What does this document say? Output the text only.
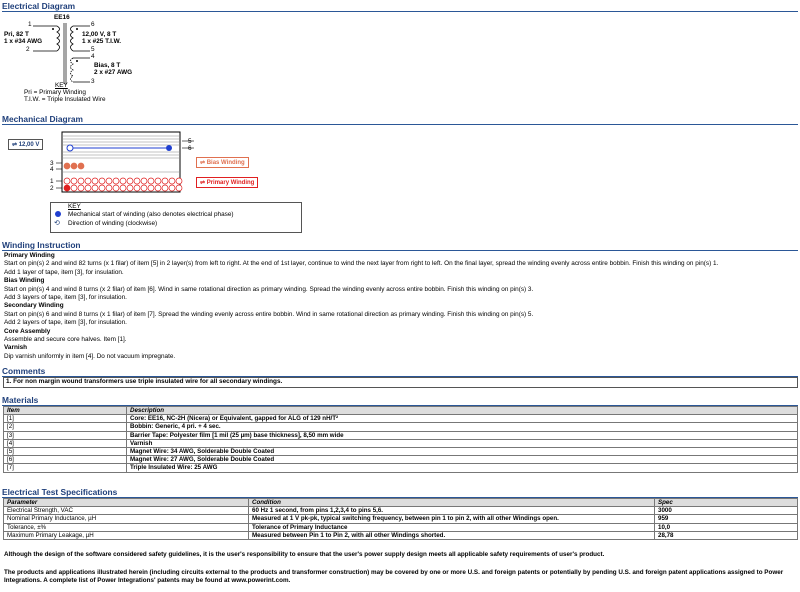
Electrical Diagram
EE16
1
2
6
5
4
3
Pri, 82 T
1 x #34 AWG
12,00 V, 8 T
1 x #25 T.I.W.
Bias, 8 T
2 x #27 AWG
KEY
Pri = Primary Winding
T.I.W. = Triple Insulated Wire
Mechanical Diagram
⇌ 12,00 V	5
6
3
4
1
2
⇌ Bias Winding
⇌ Primary Winding
KEY
Mechanical start of winding (also denotes electrical phase)
⟲ Direction of winding (clockwise)
Winding Instruction
Primary Winding
Start on pin(s) 2 and wind 82 turns (x 1 filar) of item [5] in 2 layer(s) from left to right. At the end of 1st layer, continue to wind the next layer from right to left. On the final layer, spread the winding evenly across entire bobbin. Finish this winding on pin(s) 1.
Add 1 layer of tape, item [3], for insulation.
Bias Winding
Start on pin(s) 4 and wind 8 turns (x 2 filar) of item [6]. Wind in same rotational direction as primary winding. Spread the winding evenly across entire bobbin. Finish this winding on pin(s) 3.
Add 3 layers of tape, item [3], for insulation.
Secondary Winding
Start on pin(s) 6 and wind 8 turns (x 1 filar) of item [7]. Spread the winding evenly across entire bobbin. Wind in same rotational direction as primary winding. Finish this winding on pin(s) 5.
Add 2 layers of tape, item [3], for insulation.
Core Assembly
Assemble and secure core halves. Item [1].
Varnish
Dip varnish uniformly in item [4]. Do not vacuum impregnate.
Comments
1. For non margin wound transformers use triple insulated wire for all secondary windings.
Materials
Item	Description
[1]	Core: EE16, NC-2H (Nicera) or Equivalent, gapped for ALG of 129 nH/T²
[2]	Bobbin: Generic, 4 pri. + 4 sec.
[3]	Barrier Tape: Polyester film [1 mil (25 µm) base thickness], 8,50 mm wide
[4]	Varnish
[5]	Magnet Wire: 34 AWG, Solderable Double Coated
[6]	Magnet Wire: 27 AWG, Solderable Double Coated
[7]	Triple Insulated Wire: 25 AWG
Electrical Test Specifications
Parameter	Condition	Spec
Electrical Strength, VAC	60 Hz 1 second, from pins 1,2,3,4 to pins 5,6.	3000
Nominal Primary Inductance, µH	Measured at 1 V pk-pk, typical switching frequency, between pin 1 to pin 2, with all other Windings open.	959
Tolerance, ±%	Tolerance of Primary Inductance	10,0
Maximum Primary Leakage, µH	Measured between Pin 1 to Pin 2, with all other Windings shorted.	28,78
Although the design of the software considered safety guidelines, it is the user's responsibility to ensure that the user's power supply design meets all applicable safety requirements of user's product.
The products and applications illustrated herein (including circuits external to the products and transformer construction) may be covered by one or more U.S. and foreign patents or potentially by pending U.S. and foreign patent applications assigned to Power Integrations. A complete list of Power Integrations' patents may be found at www.powerint.com.
